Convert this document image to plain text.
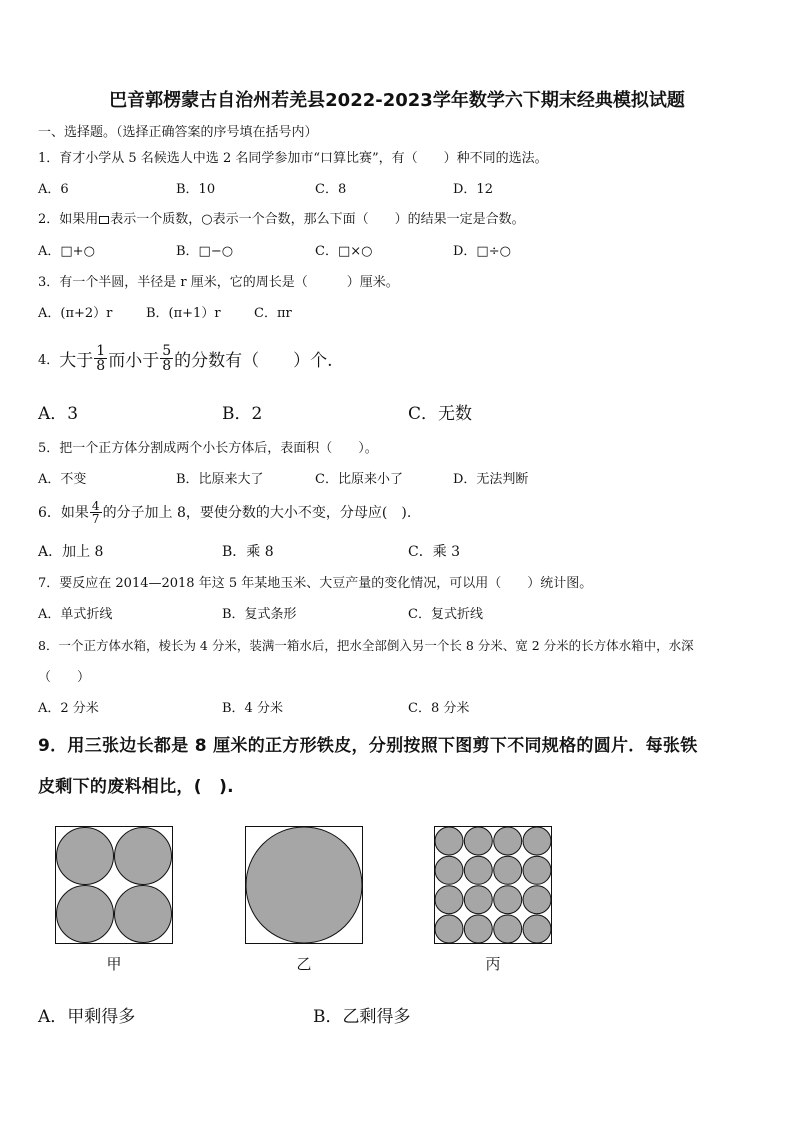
巴音郭楞蒙古自治州若羌县2022-2023学年数学六下期末经典模拟试题
一、选择题。（选择正确答案的序号填在括号内）
1．育才小学从 5 名候选人中选 2 名同学参加市“口算比赛”，有（　　）种不同的选法。
A．6	B．10	C．8	D．12
2．如果用 表示一个质数，○表示一个合数，那么下面（　　）的结果一定是合数。
A．□+○	B．□−○	C．□×○	D．□÷○
3．有一个半圆，半径是 r 厘米，它的周长是（　　　）厘米。
A．(π+2）r	B．(π+1）r	C．πr
4． 大于 $\frac{1}{8}$ 而小于 $\frac{5}{8}$ 的分数有（　　）个.
A．3	B．2	C．无数
5．把一个正方体分割成两个小长方体后，表面积（　　）。
A．不变	B．比原来大了	C．比原来小了	D．无法判断
6．如果 $\frac{4}{7}$ 的分子加上 8，要使分数的大小不变，分母应(　).
A．加上 8	B．乘 8	C．乘 3
7．要反应在 2014—2018 年这 5 年某地玉米、大豆产量的变化情况，可以用（　　）统计图。
A．单式折线	B．复式条形	C．复式折线
8．一个正方体水箱，棱长为 4 分米，装满一箱水后，把水全部倒入另一个长 8 分米、宽 2 分米的长方体水箱中，水深
（　　）
A．2 分米	B．4 分米	C．8 分米
9．用三张边长都是 8 厘米的正方形铁皮，分别按照下图剪下不同规格的圆片．每张铁
皮剩下的废料相比，(　).
甲	乙	丙
A．甲剩得多	B．乙剩得多
